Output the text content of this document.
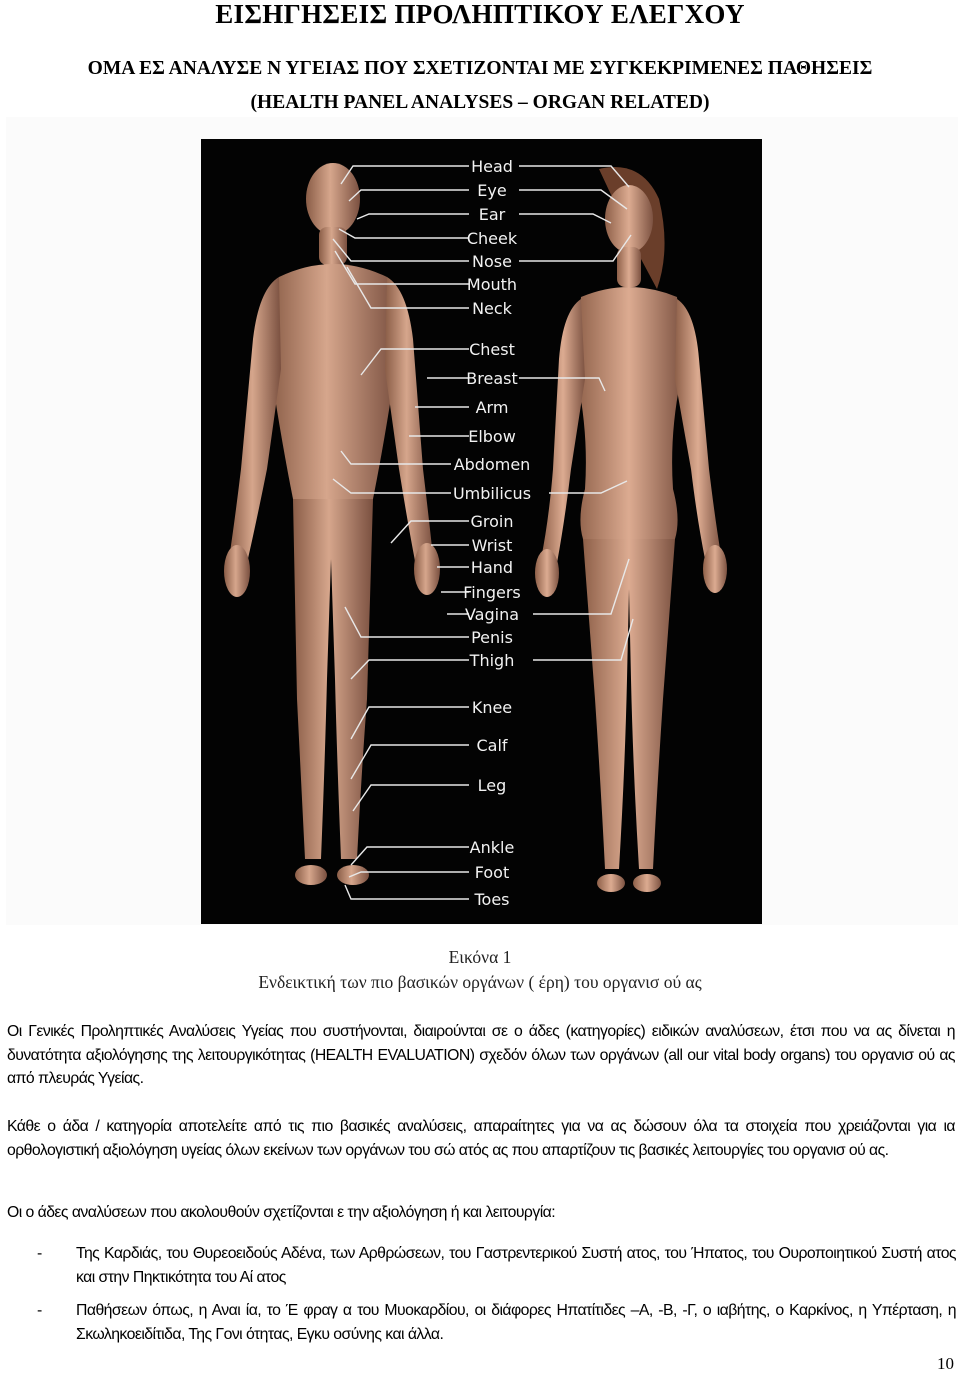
ΕΙΣΗΓΗΣΕΙΣ ΠΡΟΛΗΠΤΙΚΟΥ ΕΛΕΓΧΟΥ
ΟΜΑ ΕΣ ΑΝΑΛΥΣΕ Ν ΥΓΕΙΑΣ ΠΟΥ ΣΧΕΤΙΖΟΝΤΑΙ ΜΕ ΣΥΓΚΕΚΡΙΜΕΝΕΣ ΠΑΘΗΣΕΙΣ
(HEALTH PANEL ANALYSES – ORGAN RELATED)
Head
Eye
Ear
Cheek
Nose
Mouth
Neck
Chest
Breast
Arm
Elbow
Abdomen
Umbilicus
Groin
Wrist
Hand
Fingers
Vagina
Penis
Thigh
Knee
Calf
Leg
Ankle
Foot
Toes
Εικόνα 1
Ενδεικτική των πιο βασικών οργάνων ( έρη) του οργανισ ού ας
Οι Γενικές Προληπτικές Αναλύσεις Υγείας που συστήνονται, διαιρούνται σε ο άδες (κατηγορίες) ειδικών αναλύσεων, έτσι που να ας δίνεται η δυνατότητα αξιολόγησης της λειτουργικότητας (HEALTH EVALUATION) σχεδόν όλων των οργάνων (all our vital body organs) του οργανισ ού ας από πλευράς Υγείας.
Κάθε ο άδα / κατηγορία αποτελείτε από τις πιο βασικές αναλύσεις, απαραίτητες για να ας δώσουν όλα τα στοιχεία που χρειάζονται για ια ορθολογιστική αξιολόγηση υγείας όλων εκείνων των οργάνων του σώ ατός ας που απαρτίζουν τις βασικές λειτουργίες του οργανισ ού ας.
Οι ο άδες αναλύσεων που ακολουθούν σχετίζονται ε την αξιολόγηση ή και λειτουργία:
- Της Καρδιάς, του Θυρεοειδούς Αδένα, των Αρθρώσεων, του Γαστρεντερικού Συστή ατος, του Ήπατος, του Ουροποιητικού Συστή ατος και στην Πηκτικότητα του Αί ατος
- Παθήσεων όπως, η Αναι ία, το Έ φραγ α του Μυοκαρδίου, οι διάφορες Ηπατίτιδες –Α, -Β, -Γ, ο ιαβήτης, ο Καρκίνος, η Υπέρταση, η Σκωληκοειδίτιδα, Της Γονι ότητας, Εγκυ οσύνης και άλλα.
10
